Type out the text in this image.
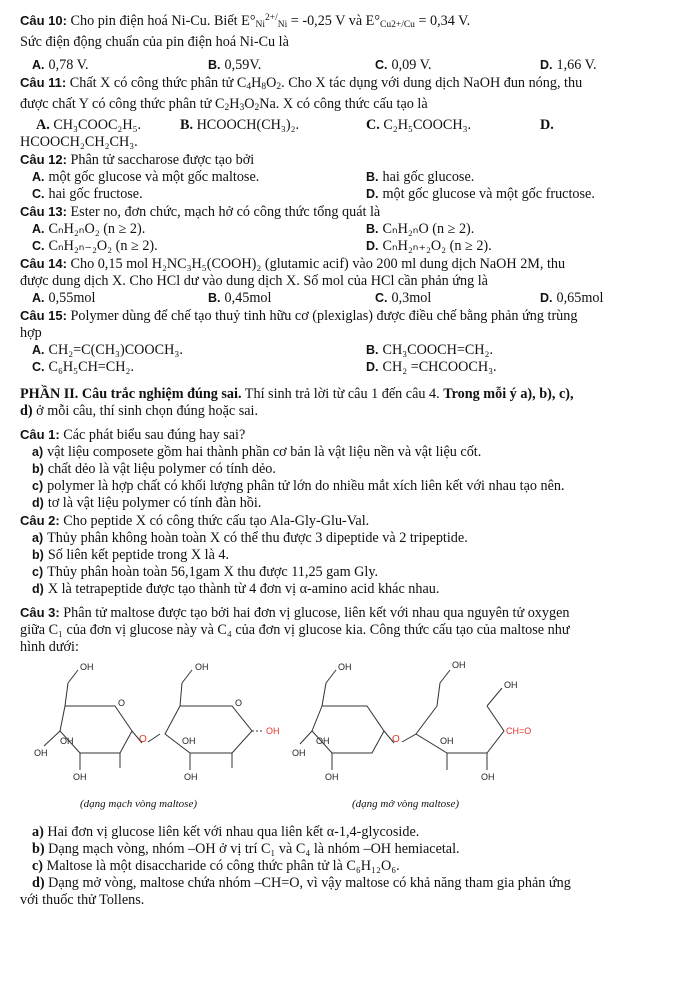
Câu 10: Cho pin điện hoá Ni-Cu. Biết $E^\circ_{Ni}^{2+/}_{Ni} = -0,25$ V và $E^\circ_{Cu2+/Cu} = 0,34$ V.
Sức điện động chuẩn của pin điện hoá Ni-Cu là
A. 0,78 V.	B. 0,59V.	C. 0,09 V.	D. 1,66 V.
Câu 11: Chất X có công thức phân tử $C_4H_8O_2$. Cho X tác dụng với dung dịch NaOH đun nóng, thu
được chất Y có công thức phân tử $C_2H_3O_2Na$. X có công thức cấu tạo là
A. CH₃COOC₂H₅.	B. HCOOCH(CH₃)₂.	C. C₂H₅COOCH₃.	D.
HCOOCH₂CH₂CH₃.
Câu 12: Phân tử saccharose được tạo bởi
A. một gốc glucose và một gốc maltose.	B. hai gốc glucose.
C. hai gốc fructose.	D. một gốc glucose và một gốc fructose.
Câu 13: Ester no, đơn chức, mạch hở có công thức tổng quát là
A. CₙH₂ₙO₂ (n ≥ 2).	B. CₙH₂ₙO (n ≥ 2).
C. CₙH₂ₙ₋₂O₂ (n ≥ 2).	D. CₙH₂ₙ₊₂O₂ (n ≥ 2).
Câu 14: Cho 0,15 mol H₂NC₃H₅(COOH)₂ (glutamic acif) vào 200 ml dung dịch NaOH 2M, thu
được dung dịch X. Cho HCl dư vào dung dịch X. Số mol của HCl cần phản ứng là
A. 0,55mol	B. 0,45mol	C. 0,3mol	D. 0,65mol
Câu 15: Polymer dùng để chế tạo thuỷ tinh hữu cơ (plexiglas) được điều chế bằng phản ứng trùng
hợp
A. CH₂=C(CH₃)COOCH₃.	B. CH₃COOCH=CH₂.
C. C₆H₅CH=CH₂.	D. CH₂ =CHCOOCH₃.
PHẦN II. Câu trắc nghiệm đúng sai. Thí sinh trả lời từ câu 1 đến câu 4. Trong mỗi ý a), b), c),
d) ở mỗi câu, thí sinh chọn đúng hoặc sai.
Câu 1: Các phát biểu sau đúng hay sai?
a) vật liệu composete gồm hai thành phần cơ bản là vật liệu nền và vật liệu cốt.
b) chất dẻo là vật liệu polymer có tính dẻo.
c) polymer là hợp chất có khối lượng phân tử lớn do nhiều mắt xích liên kết với nhau tạo nên.
d) tơ là vật liệu polymer có tính đàn hồi.
Câu 2: Cho peptide X có công thức cấu tạo Ala-Gly-Glu-Val.
a) Thủy phân không hoàn toàn X có thể thu được 3 dipeptide và 2 tripeptide.
b) Số liên kết peptide trong X là 4.
c) Thủy phân hoàn toàn 56,1gam X thu được 11,25 gam Gly.
d) X là tetrapeptide được tạo thành từ 4 đơn vị α-amino acid khác nhau.
Câu 3: Phân tử maltose được tạo bởi hai đơn vị glucose, liên kết với nhau qua nguyên tử oxygen
giữa C₁ của đơn vị glucose này và C₄ của đơn vị glucose kia. Công thức cấu tạo của maltose như
hình dưới:
OH
OH
OH
OH
O
OH
OH
OH
O
OH
O
(dạng mạch vòng maltose)
OH
OH
OH
OH
OH
OH
OH
OH
CH=O
O
(dạng mở vòng maltose)
a) Hai đơn vị glucose liên kết với nhau qua liên kết α-1,4-glycoside.
b) Dạng mạch vòng, nhóm –OH ở vị trí C₁ và C₄ là nhóm –OH hemiacetal.
c) Maltose là một disaccharide có công thức phân tử là C₆H₁₂O₆.
d) Dạng mở vòng, maltose chứa nhóm –CH=O, vì vậy maltose có khả năng tham gia phản ứng
với thuốc thử Tollens.
